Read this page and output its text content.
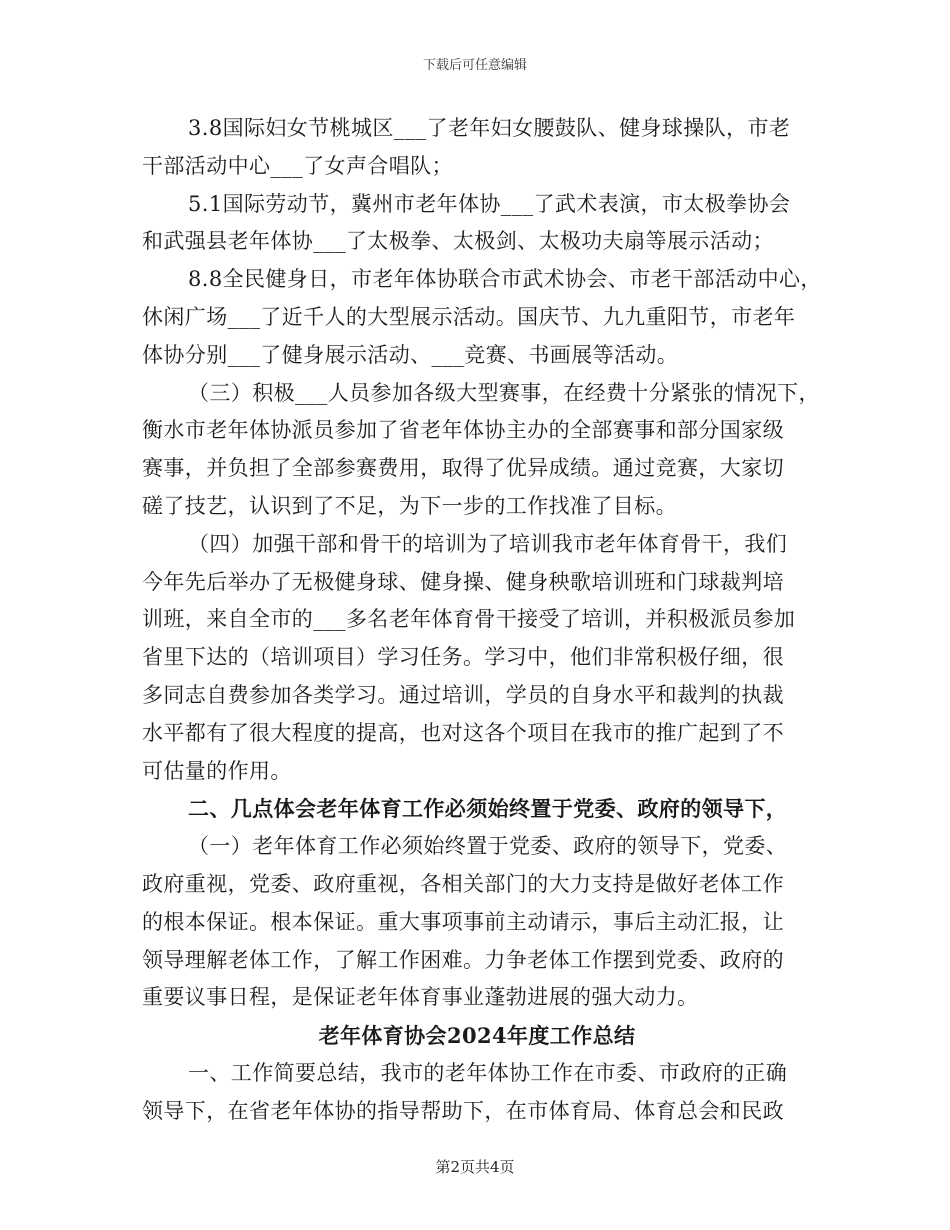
下载后可任意编辑
3.8国际妇女节桃城区___了老年妇女腰鼓队、健身球操队，市老
干部活动中心___了女声合唱队；
5.1国际劳动节，冀州市老年体协___了武术表演，市太极拳协会
和武强县老年体协___了太极拳、太极剑、太极功夫扇等展示活动；
8.8全民健身日，市老年体协联合市武术协会、市老干部活动中心，
休闲广场___了近千人的大型展示活动。国庆节、九九重阳节，市老年
体协分别___了健身展示活动、___竞赛、书画展等活动。
（三）积极___人员参加各级大型赛事，在经费十分紧张的情况下，
衡水市老年体协派员参加了省老年体协主办的全部赛事和部分国家级
赛事，并负担了全部参赛费用，取得了优异成绩。通过竞赛，大家切
磋了技艺，认识到了不足，为下一步的工作找准了目标。
（四）加强干部和骨干的培训为了培训我市老年体育骨干，我们
今年先后举办了无极健身球、健身操、健身秧歌培训班和门球裁判培
训班，来自全市的___多名老年体育骨干接受了培训，并积极派员参加
省里下达的（培训项目）学习任务。学习中，他们非常积极仔细，很
多同志自费参加各类学习。通过培训，学员的自身水平和裁判的执裁
水平都有了很大程度的提高，也对这各个项目在我市的推广起到了不
可估量的作用。
二、几点体会老年体育工作必须始终置于党委、政府的领导下，
（一）老年体育工作必须始终置于党委、政府的领导下，党委、
政府重视，党委、政府重视，各相关部门的大力支持是做好老体工作
的根本保证。根本保证。重大事项事前主动请示，事后主动汇报，让
领导理解老体工作，了解工作困难。力争老体工作摆到党委、政府的
重要议事日程，是保证老年体育事业蓬勃进展的强大动力。
老年体育协会2024年度工作总结
一、工作简要总结，我市的老年体协工作在市委、市政府的正确
领导下，在省老年体协的指导帮助下，在市体育局、体育总会和民政
第2页共4页
